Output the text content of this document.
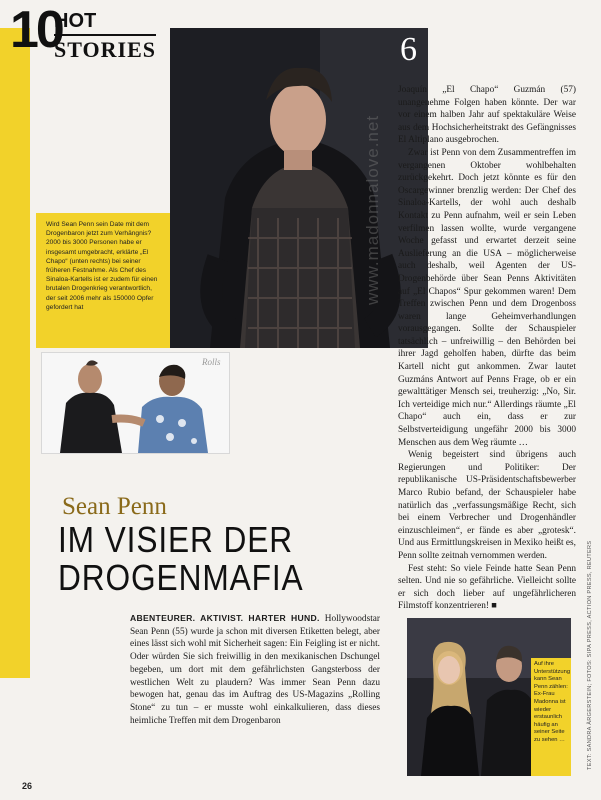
10
HOT
STORIES	6
Wird Sean Penn sein Date mit dem Drogenbaron jetzt zum Verhängnis? 2000 bis 3000 Personen habe er insgesamt umgebracht, erklärte „El Chapo“ (unten rechts) bei seiner früheren Festnahme. Als Chef des Sinaloa-Kartells ist er zudem für einen brutalen Drogenkrieg verantwortlich, der seit 2006 mehr als 150000 Opfer gefordert hat
Rolls

Joaquín „El Chapo“ Guzmán (57) unangenehme Folgen haben könnte. Der war vor einem halben Jahr auf spektakuläre Weise aus dem Hochsicherheitstrakt des Gefängnisses El Altiplano ausgebrochen.

Zwar ist Penn von dem Zusammentreffen im vergangenen Oktober wohlbehalten zurückgekehrt. Doch jetzt könnte es für den Oscargewinner brenzlig werden: Der Chef des Sinaloa-Kartells, der wohl auch deshalb Kontakt zu Penn aufnahm, weil er sein Leben verfilmen lassen wollte, wurde vergangene Woche gefasst und erwartet derzeit seine Auslieferung an die USA – möglicherweise auch deshalb, weil Agenten der US-Drogenbehörde über Sean Penns Aktivitäten auf „El Chapos“ Spur gekommen waren! Dem Treffen zwischen Penn und dem Drogenboss waren lange Geheimverhandlungen vorausgegangen. Sollte der Schauspieler tatsächlich – unfreiwillig – den Behörden bei ihrer Jagd geholfen haben, dürfte das beim Kartell nicht gut ankommen. Zwar lautet Guzmáns Antwort auf Penns Frage, ob er ein gewalttätiger Mensch sei, treuherzig: „No, Sir. Ich verteidige mich nur.“ Allerdings räumte „El Chapo“ auch ein, dass er zur Selbstverteidigung ungefähr 2000 bis 3000 Menschen aus dem Weg räumte …

Wenig begeistert sind übrigens auch Regierungen und Politiker: Der republikanische US-Präsidentschaftsbewerber Marco Rubio befand, der Schauspieler habe natürlich das „verfassungsmäßige Recht, sich bei einem Verbrecher und Drogenhändler einzuschleimen“, er fände es aber „grotesk“. Und aus Ermittlungskreisen in Mexiko heißt es, Penn sollte zeitnah vernommen werden.

Fest steht: So viele Feinde hatte Sean Penn selten. Und nie so gefährliche. Vielleicht sollte er sich doch lieber auf ungefährlicheren Filmstoff konzentrieren! ■

www.madonnalove.net
Sean Penn
IM VISIER DER
DROGENMAFIA
ABENTEURER. AKTIVIST. HARTER HUND. Hollywoodstar Sean Penn (55) wurde ja schon mit diversen Etiketten belegt, aber eines lässt sich wohl mit Sicherheit sagen: Ein Feigling ist er nicht. Oder würden Sie sich freiwillig in den mexikanischen Dschungel begeben, um dort mit dem gefährlichsten Gangsterboss der westlichen Welt zu plaudern? Was immer Sean Penn dazu bewogen hat, genau das im Auftrag des US-Magazins „Rolling Stone“ zu tun – er musste wohl einkalkulieren, dass dieses heimliche Treffen mit dem Drogenbaron
Auf ihre Unterstützung kann Sean Penn zählen: Ex-Frau Madonna ist wieder erstaunlich häufig an seiner Seite zu sehen …	TEXT: SANDRA ÄRGERSTEIN; FOTOS: SIPA PRESS, ACTION PRESS, REUTERS
26
